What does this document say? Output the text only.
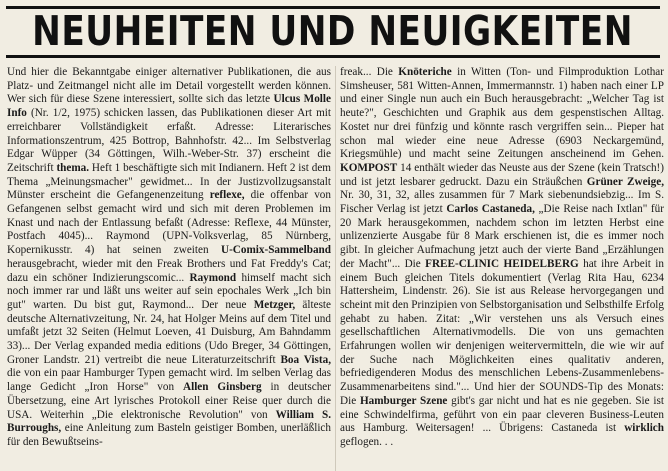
NEUHEITEN UND NEUIGKEITEN

Und hier die Bekanntgabe einiger alternativer Publikationen, die aus Platz- und Zeitmangel nicht alle im Detail vorgestellt werden können. Wer sich für diese Szene interessiert, sollte sich das letzte Ulcus Molle Info (Nr. 1/2, 1975) schicken lassen, das Publikationen dieser Art mit erreichbarer Vollständigkeit erfaßt. Adresse: Literarisches Informationszentrum, 425 Bottrop, Bahnhofstr. 42... Im Selbstverlag Edgar Wüpper (34 Göttingen, Wilh.-Weber-Str. 37) erscheint die Zeitschrift thema. Heft 1 beschäftigte sich mit Indianern. Heft 2 ist dem Thema „Meinungsmacher" gewidmet... In der Justizvollzugsanstalt Münster erscheint die Gefangenenzeitung reflexe, die offenbar von Gefangenen selbst gemacht wird und sich mit deren Problemen im Knast und nach der Entlassung befaßt (Adresse: Reflexe, 44 Münster, Postfach 4045)... Raymond (UPN-Volksverlag, 85 Nürnberg, Kopernikusstr. 4) hat seinen zweiten U-Comix-Sammelband herausgebracht, wieder mit den Freak Brothers und Fat Freddy's Cat; dazu ein schöner Indizierungscomic... Raymond himself macht sich noch immer rar und läßt uns weiter auf sein epochales Werk „Ich bin gut" warten. Du bist gut, Raymond... Der neue Metzger, älteste deutsche Alternativzeitung, Nr. 24, hat Holger Meins auf dem Titel und umfaßt jetzt 32 Seiten (Helmut Loeven, 41 Duisburg, Am Bahndamm 33)... Der Verlag expanded media editions (Udo Breger, 34 Göttingen, Groner Landstr. 21) vertreibt die neue Literaturzeitschrift Boa Vista, die von ein paar Hamburger Typen gemacht wird. Im selben Verlag das lange Gedicht „Iron Horse" von Allen Ginsberg in deutscher Übersetzung, eine Art lyrisches Protokoll einer Reise quer durch die USA. Weiterhin „Die elektronische Revolution" von William S. Burroughs, eine Anleitung zum Basteln geistiger Bomben, unerläßlich für den Bewußtseins-

freak... Die Knöteriche in Witten (Ton- und Filmproduktion Lothar Simsheuser, 581 Witten-Annen, Immermannstr. 1) haben nach einer LP und einer Single nun auch ein Buch herausgebracht: „Welcher Tag ist heute?", Geschichten und Graphik aus dem gespenstischen Alltag. Kostet nur drei fünfzig und könnte rasch vergriffen sein... Pieper hat schon mal wieder eine neue Adresse (6903 Neckargemünd, Kriegsmühle) und macht seine Zeitungen anscheinend im Gehen. KOMPOST 14 enthält wieder das Neuste aus der Szene (kein Tratsch!) und ist jetzt lesbarer gedruckt. Dazu ein Sträußchen Grüner Zweige, Nr. 30, 31, 32, alles zusammen für 7 Mark siebenundsiebzig... Im S. Fischer Verlag ist jetzt Carlos Castaneda, „Die Reise nach Ixtlan" für 20 Mark herausgekommen, nachdem schon im letzten Herbst eine unlizenzierte Ausgabe für 8 Mark erschienen ist, die es immer noch gibt. In gleicher Aufmachung jetzt auch der vierte Band „Erzählungen der Macht"... Die FREE-CLINIC HEIDELBERG hat ihre Arbeit in einem Buch gleichen Titels dokumentiert (Verlag Rita Hau, 6234 Hattersheim, Lindenstr. 26). Sie ist aus Release hervorgegangen und scheint mit den Prinzipien von Selbstorganisation und Selbsthilfe Erfolg gehabt zu haben. Zitat: „Wir verstehen uns als Versuch eines gesellschaftlichen Alternativmodells. Die von uns gemachten Erfahrungen wollen wir denjenigen weitervermitteln, die wie wir auf der Suche nach Möglichkeiten eines qualitativ anderen, befriedigenderen Modus des menschlichen Lebens-Zusammenlebens-Zusammenarbeitens sind."... Und hier der SOUNDS-Tip des Monats: Die Hamburger Szene gibt's gar nicht und hat es nie gegeben. Sie ist eine Schwindelfirma, geführt von ein paar cleveren Business-Leuten aus Hamburg. Weitersagen! ... Übrigens: Castaneda ist wirklich geflogen. . .
